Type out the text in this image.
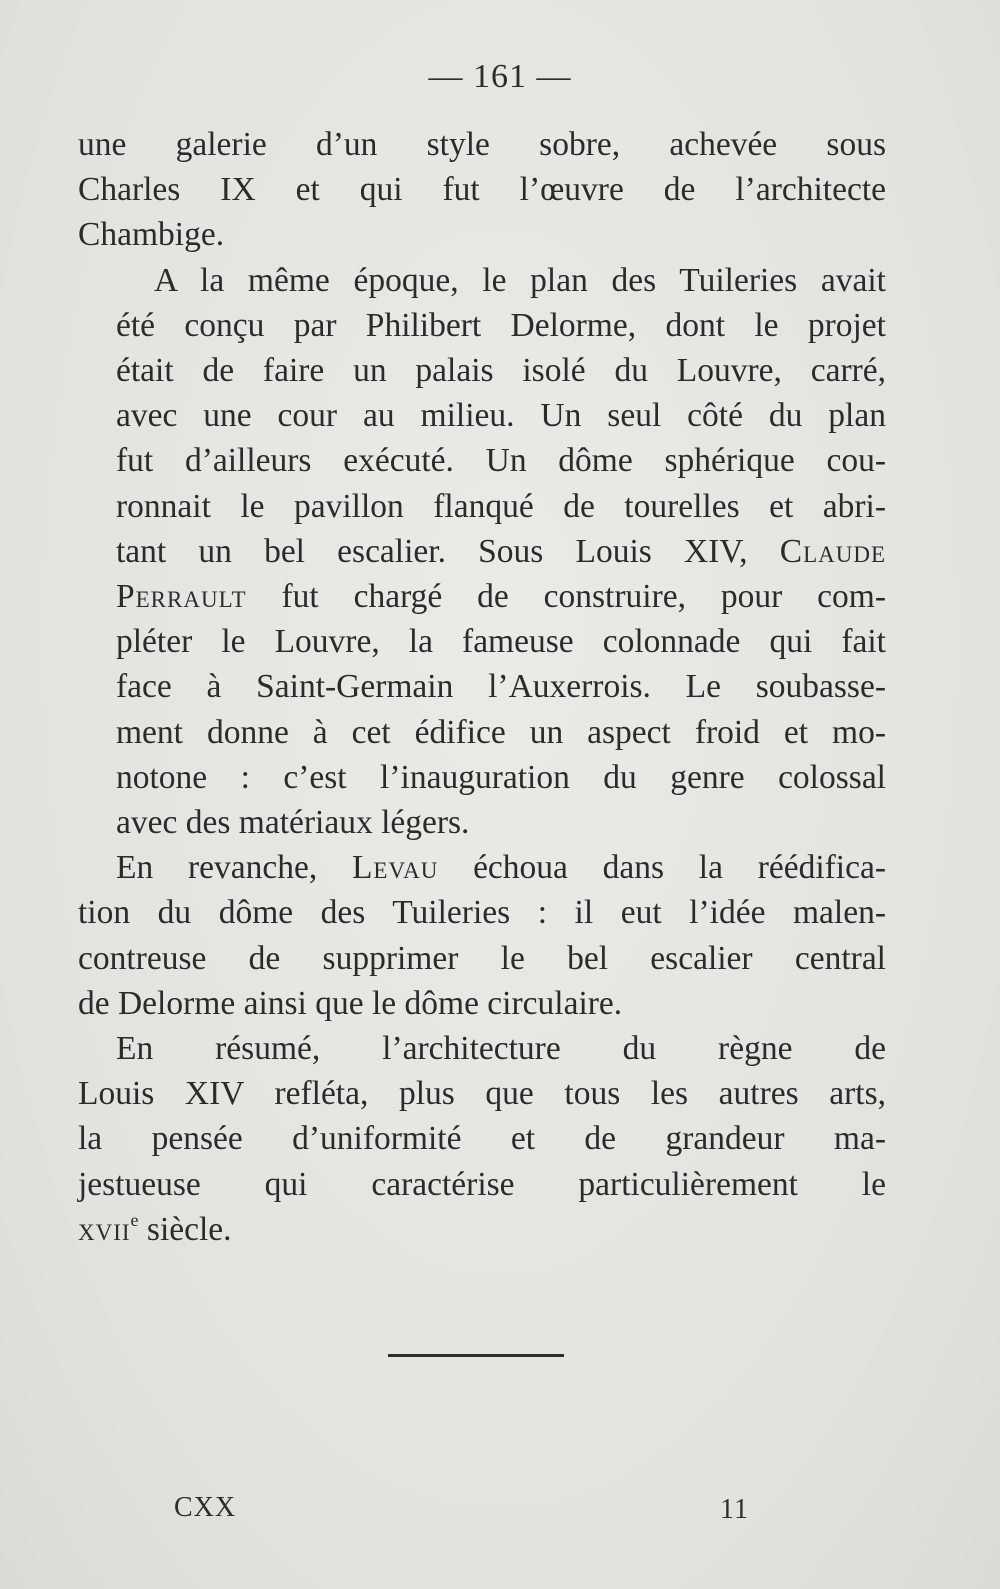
— 161 —

une galerie d’un style sobre, achevée sous
Charles IX et qui fut l’œuvre de l’architecte
Chambige.

A la même époque, le plan des Tuileries avait
été conçu par Philibert Delorme, dont le projet
était de faire un palais isolé du Louvre, carré,
avec une cour au milieu. Un seul côté du plan
fut d’ailleurs exécuté. Un dôme sphérique cou-
ronnait le pavillon flanqué de tourelles et abri-
tant un bel escalier. Sous Louis XIV, Claude
Perrault fut chargé de construire, pour com-
pléter le Louvre, la fameuse colonnade qui fait
face à Saint-Germain l’Auxerrois. Le soubasse-
ment donne à cet édifice un aspect froid et mo-
notone : c’est l’inauguration du genre colossal
avec des matériaux légers.

En revanche, Levau échoua dans la réédifica-
tion du dôme des Tuileries : il eut l’idée malen-
contreuse de supprimer le bel escalier central
de Delorme ainsi que le dôme circulaire.

En résumé, l’architecture du règne de
Louis XIV refléta, plus que tous les autres arts,
la pensée d’uniformité et de grandeur ma-
jestueuse qui caractérise particulièrement le
xvii$^e$ siècle.

CXX	11
